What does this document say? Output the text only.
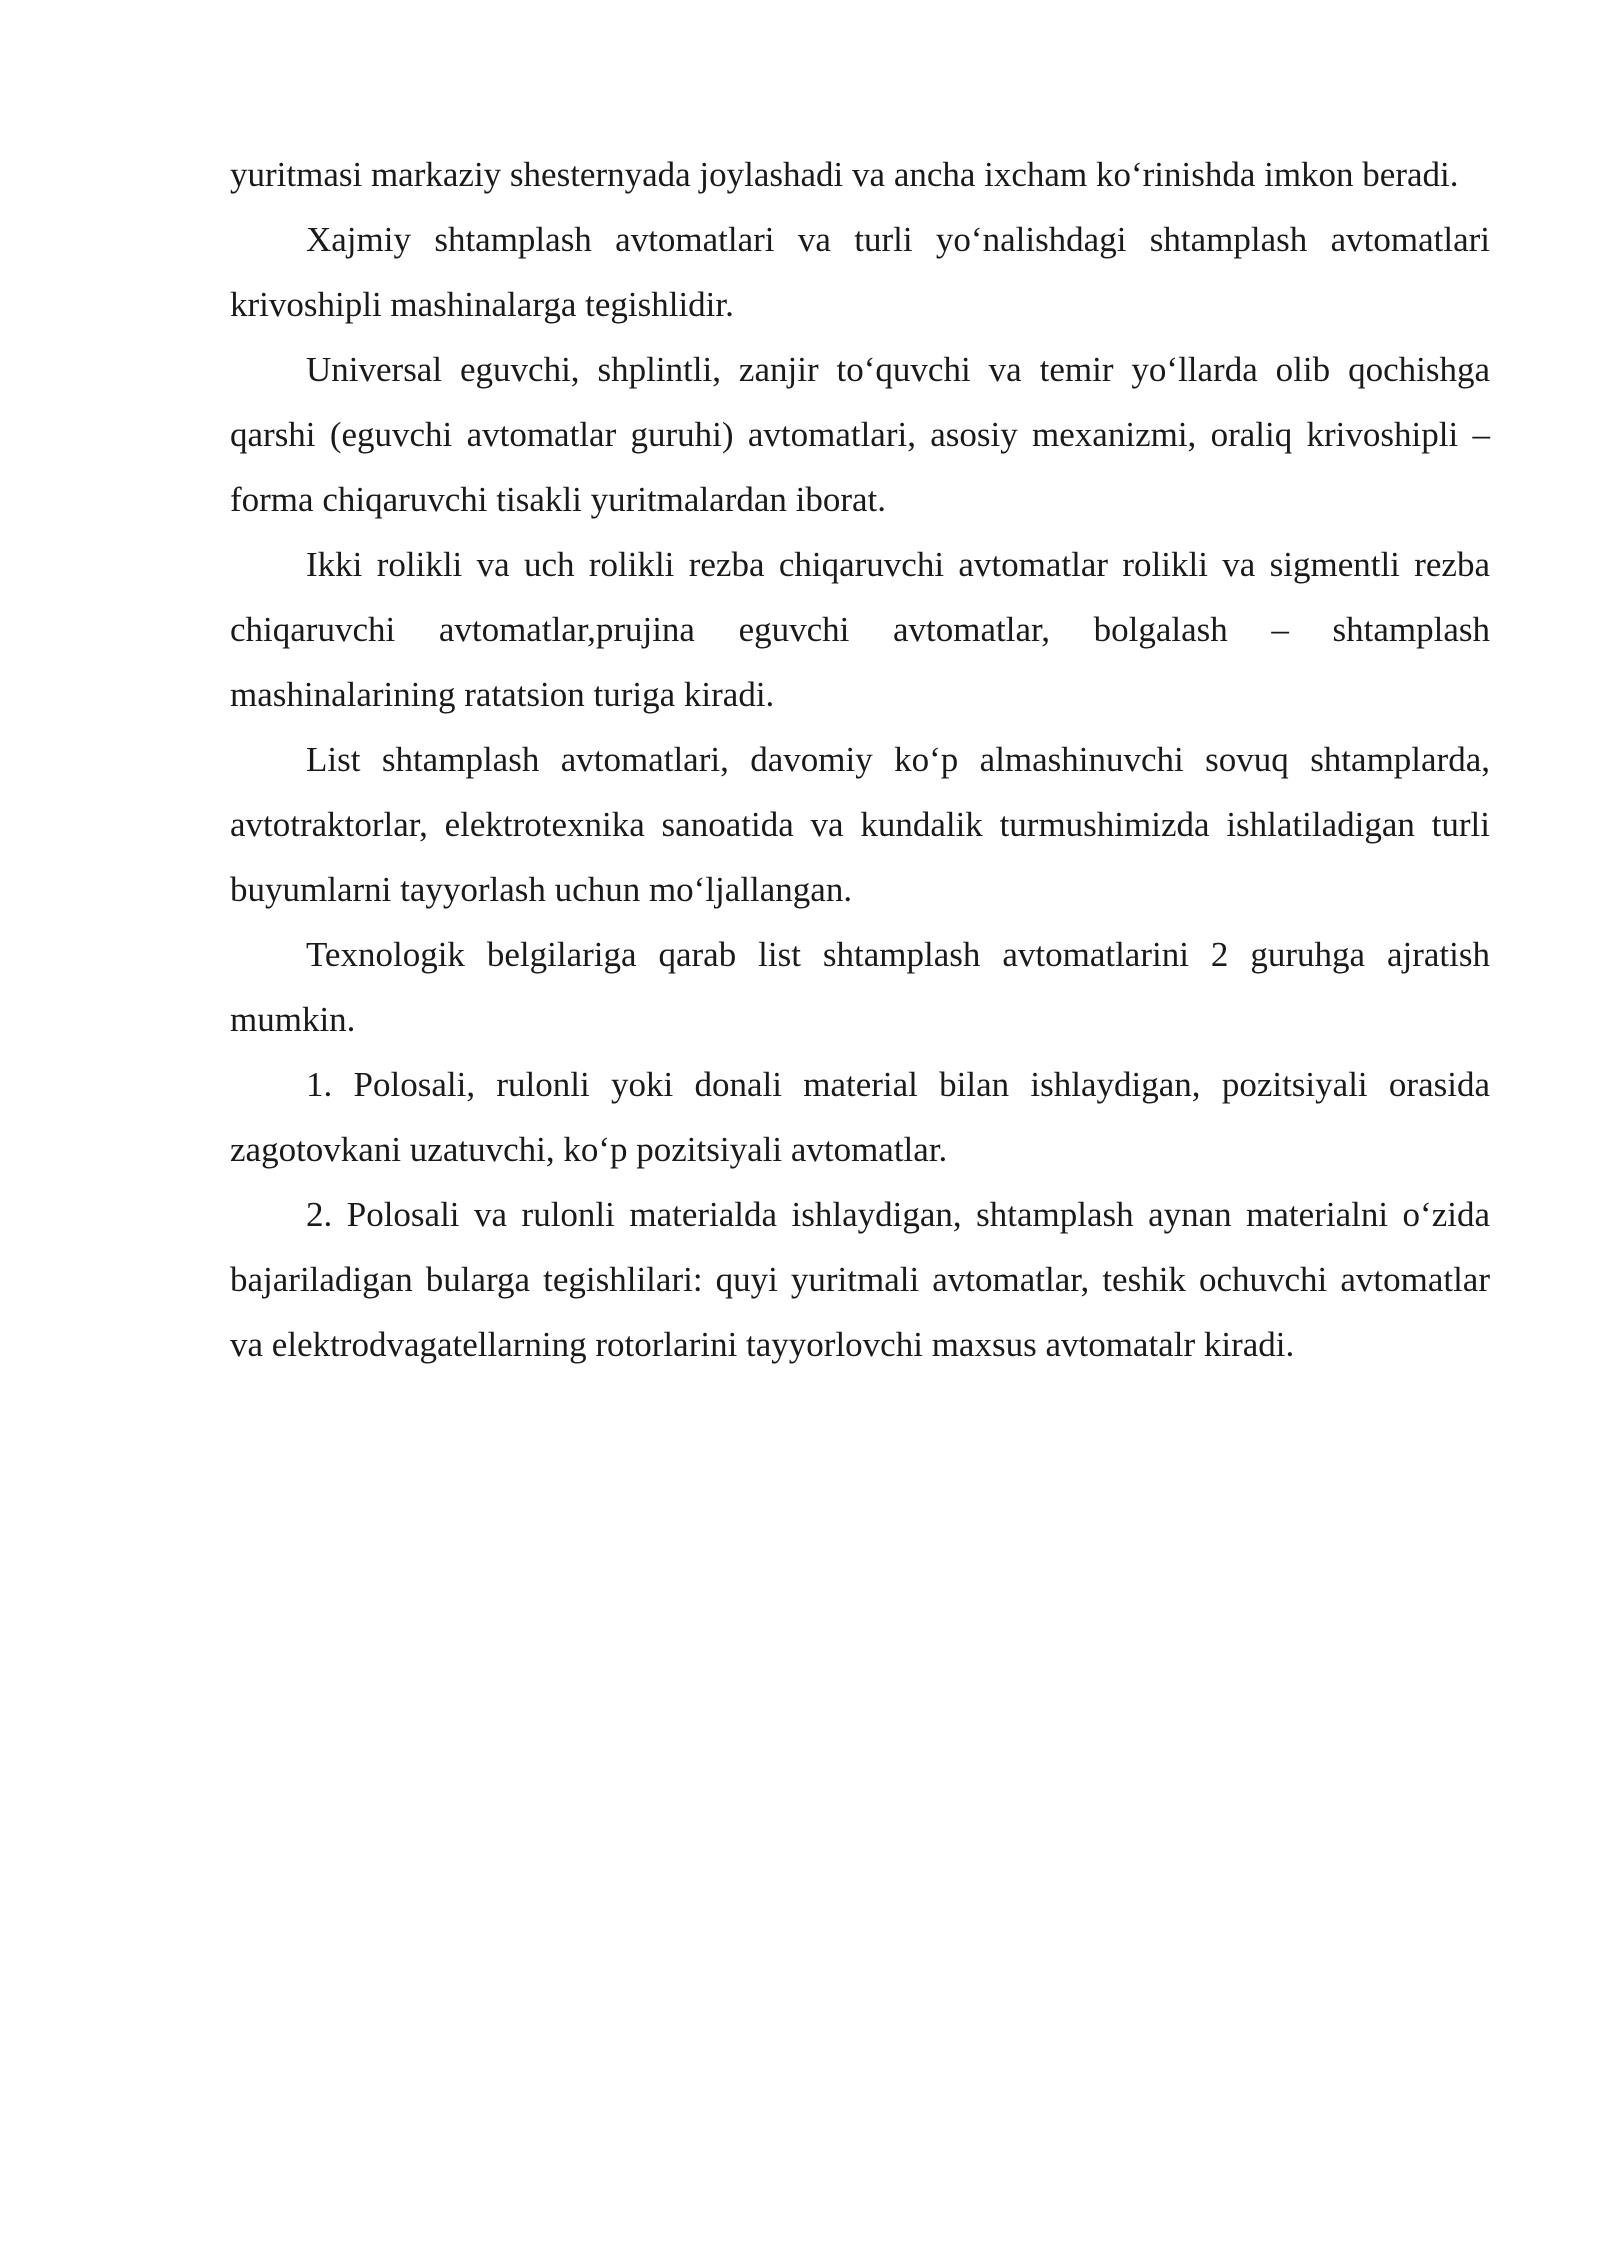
yuritmasi markaziy shesternyada joylashadi va ancha ixcham ko‘rinishda imkon beradi.

Xajmiy shtamplash avtomatlari va turli yo‘nalishdagi shtamplash avtomatlari krivoshipli mashinalarga tegishlidir.

Universal eguvchi, shplintli, zanjir to‘quvchi va temir yo‘llarda olib qochishga qarshi (eguvchi avtomatlar guruhi) avtomatlari, asosiy mexanizmi, oraliq krivoshipli – forma chiqaruvchi tisakli yuritmalardan iborat.

Ikki rolikli va uch rolikli rezba chiqaruvchi avtomatlar rolikli va sigmentli rezba chiqaruvchi avtomatlar,prujina eguvchi avtomatlar, bolgalash – shtamplash mashinalarining ratatsion turiga kiradi.

List shtamplash avtomatlari, davomiy ko‘p almashinuvchi sovuq shtamplarda, avtotraktorlar, elektrotexnika sanoatida va kundalik turmushimizda ishlatiladigan turli buyumlarni tayyorlash uchun mo‘ljallangan.

Texnologik belgilariga qarab list shtamplash avtomatlarini 2 guruhga ajratish mumkin.

1. Polosali, rulonli yoki donali material bilan ishlaydigan, pozitsiyali orasida zagotovkani uzatuvchi, ko‘p pozitsiyali avtomatlar.

2. Polosali va rulonli materialda ishlaydigan, shtamplash aynan materialni o‘zida bajariladigan bularga tegishlilari: quyi yuritmali avtomatlar, teshik ochuvchi avtomatlar va elektrodvagatellarning rotorlarini tayyorlovchi maxsus avtomatalr kiradi.
